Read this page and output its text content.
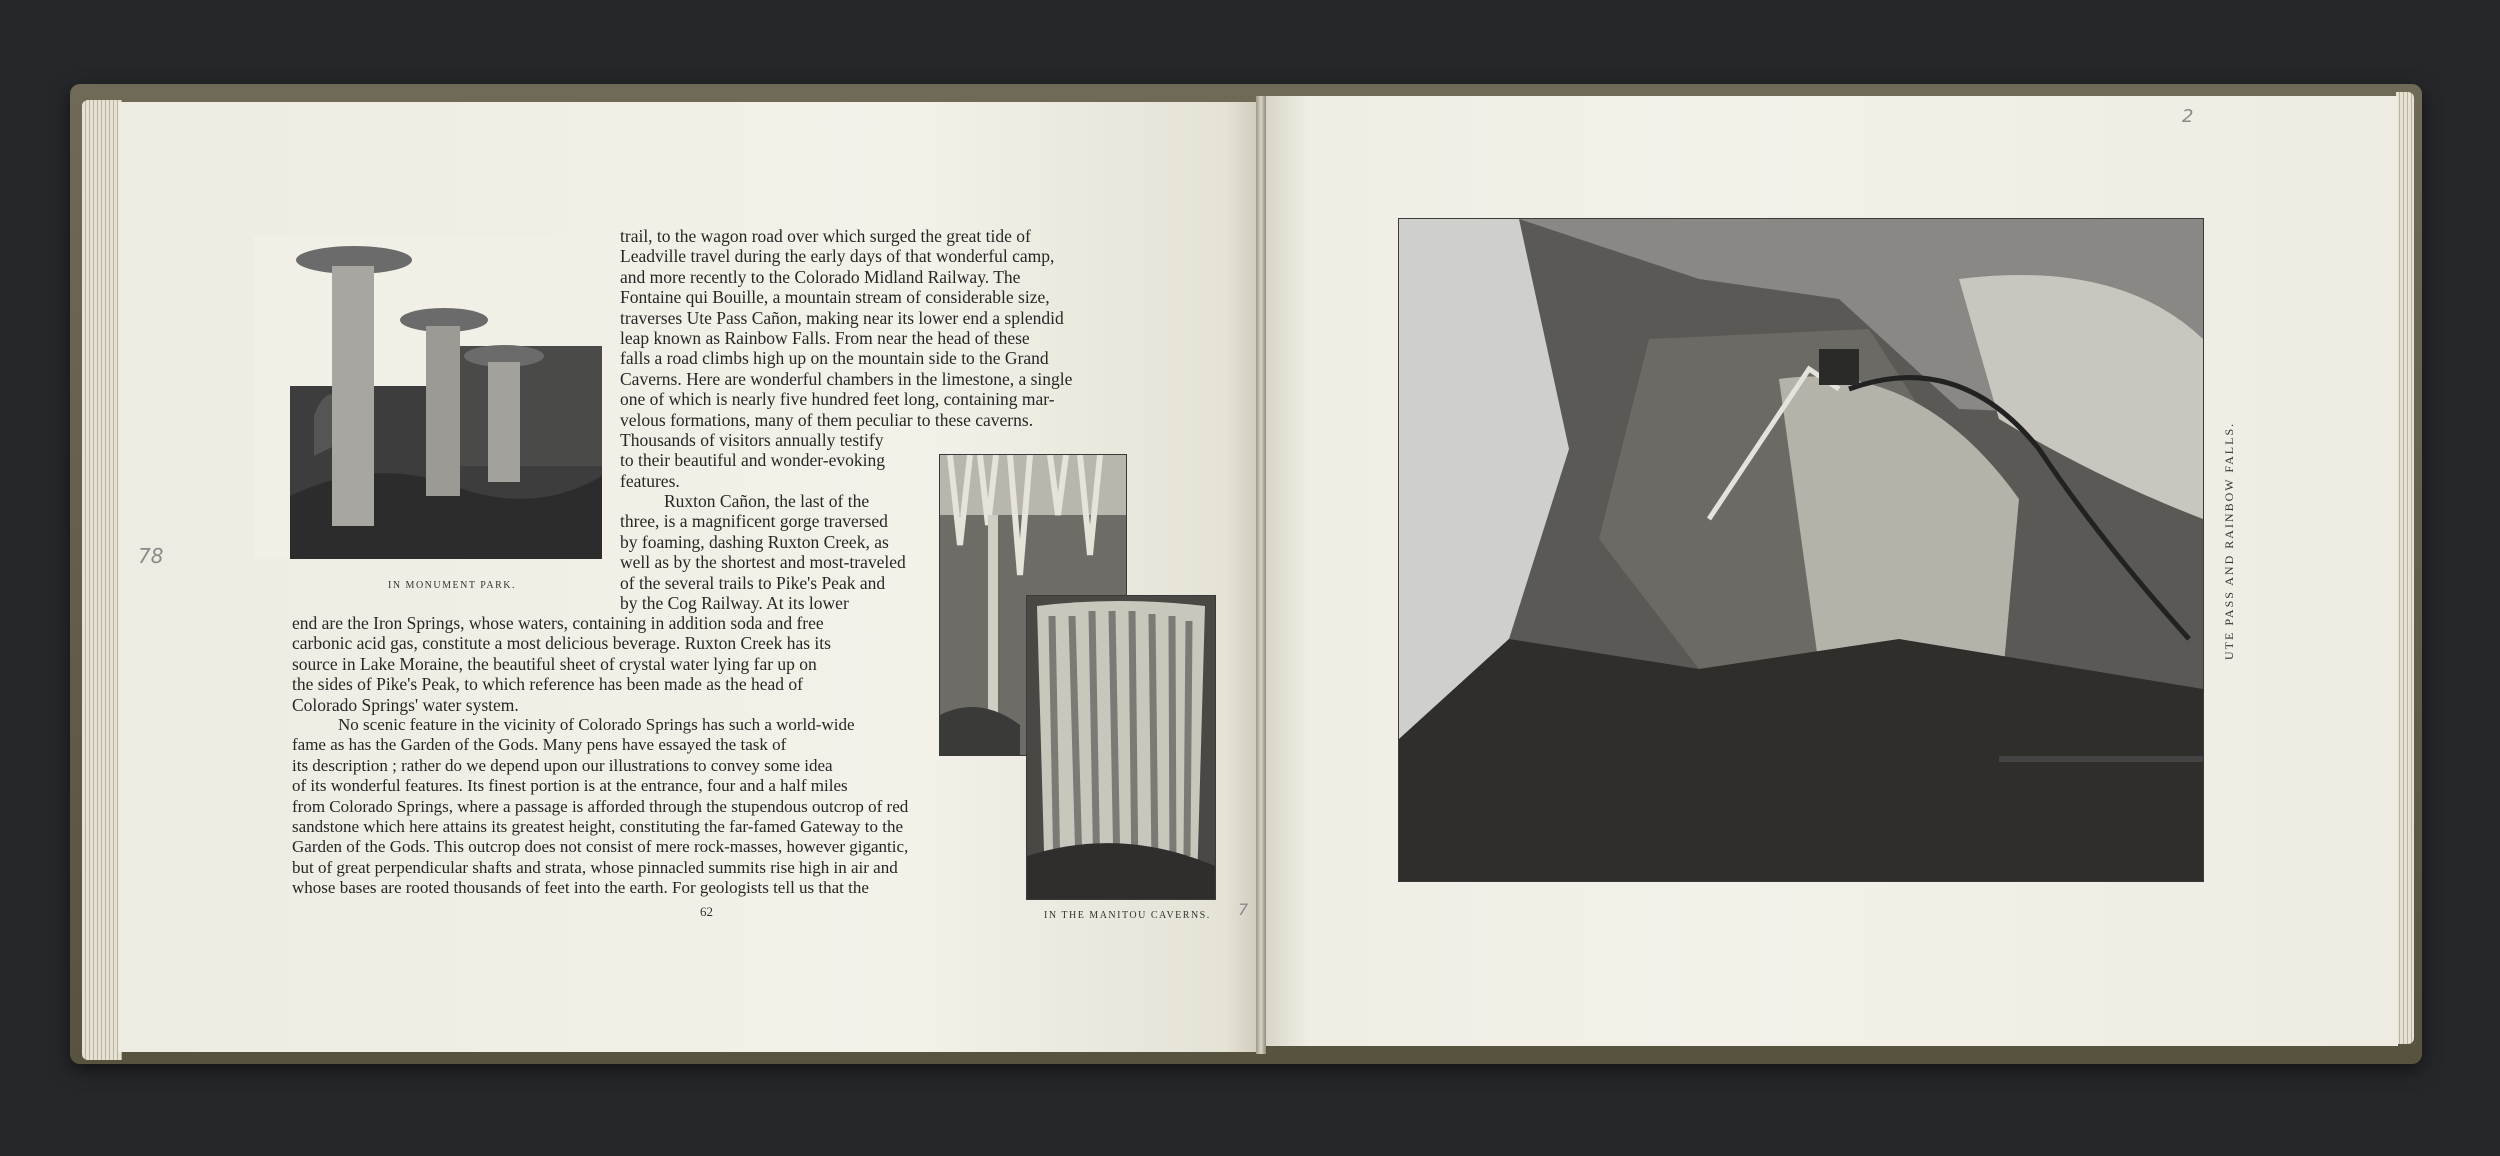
IN MONUMENT PARK.
IN THE MANITOU CAVERNS.

trail, to the wagon road over which surged the great tide of

Leadville travel during the early days of that wonderful camp,

and more recently to the Colorado Midland Railway. The

Fontaine qui Bouille, a mountain stream of considerable size,

traverses Ute Pass Cañon, making near its lower end a splendid

leap known as Rainbow Falls. From near the head of these

falls a road climbs high up on the mountain side to the Grand

Caverns. Here are wonderful chambers in the limestone, a single

one of which is nearly five hundred feet long, containing mar-

velous formations, many of them peculiar to these caverns.

Thousands of visitors annually testify

to their beautiful and wonder-evoking

features.

Ruxton Cañon, the last of the

three, is a magnificent gorge traversed

by foaming, dashing Ruxton Creek, as

well as by the shortest and most-traveled

of the several trails to Pike's Peak and

by the Cog Railway. At its lower

end are the Iron Springs, whose waters, containing in addition soda and free

carbonic acid gas, constitute a most delicious beverage. Ruxton Creek has its

source in Lake Moraine, the beautiful sheet of crystal water lying far up on

the sides of Pike's Peak, to which reference has been made as the head of

Colorado Springs' water system.

No scenic feature in the vicinity of Colorado Springs has such a world-wide

fame as has the Garden of the Gods. Many pens have essayed the task of

its description ; rather do we depend upon our illustrations to convey some idea

of its wonderful features. Its finest portion is at the entrance, four and a half miles

from Colorado Springs, where a passage is afforded through the stupendous outcrop of red

sandstone which here attains its greatest height, constituting the far-famed Gateway to the

Garden of the Gods. This outcrop does not consist of mere rock-masses, however gigantic,

but of great perpendicular shafts and strata, whose pinnacled summits rise high in air and

whose bases are rooted thousands of feet into the earth. For geologists tell us that the

62
78
7
UTE PASS AND RAINBOW FALLS.
2
